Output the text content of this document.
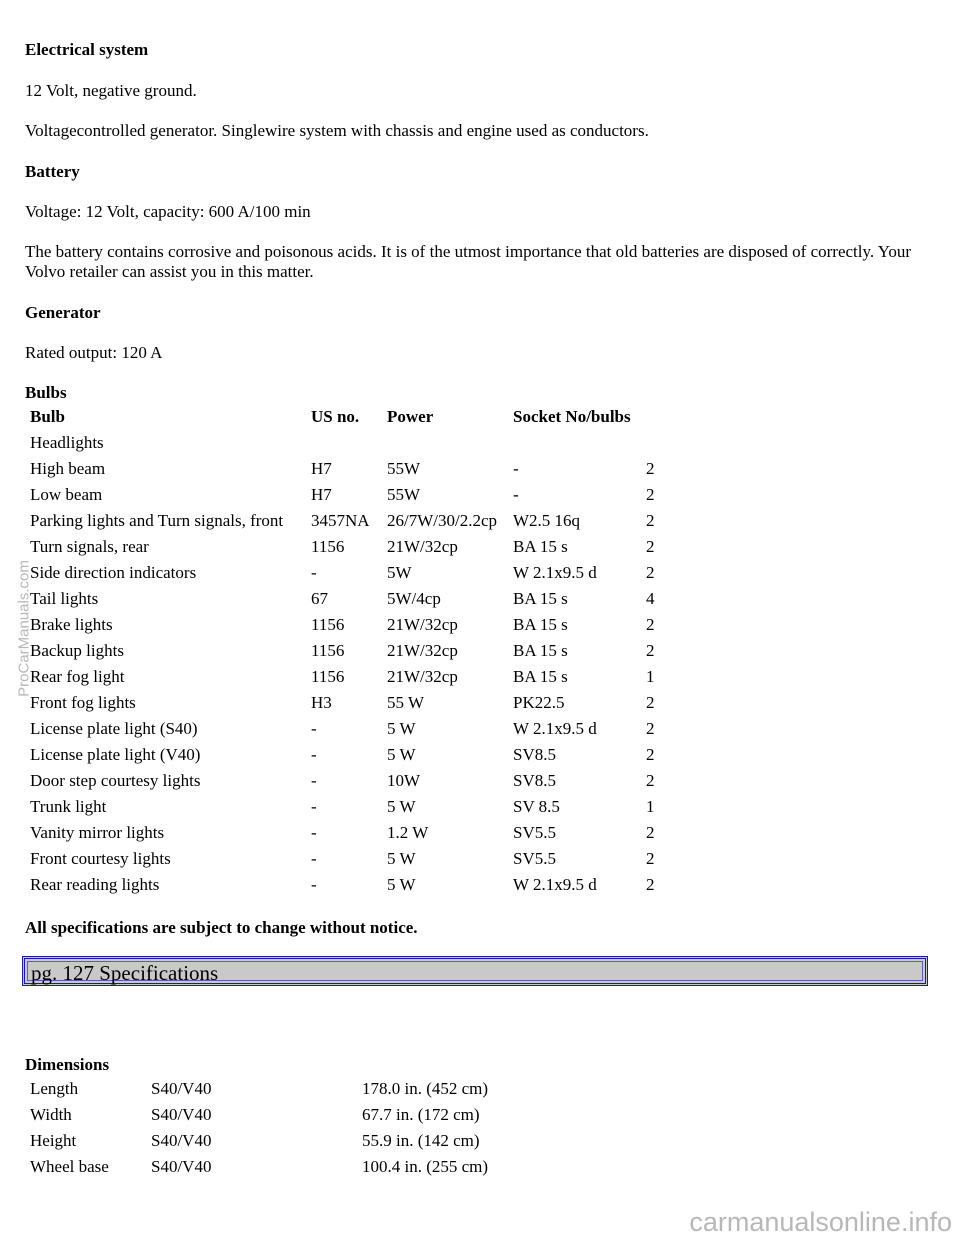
Electrical system

12 Volt, negative ground.

Voltagecontrolled generator. Singlewire system with chassis and engine used as conductors.

Battery

Voltage: 12 Volt, capacity: 600 A/100 min

The battery contains corrosive and poisonous acids. It is of the utmost importance that old batteries are disposed of correctly. Your Volvo retailer can assist you in this matter.

Generator

Rated output: 120 A

Bulbs

Bulb	US no.	Power	Socket No/bulbs	
Headlights				
High beam	H7	55W	-	2
Low beam	H7	55W	-	2
Parking lights and Turn signals, front	3457NA	26/7W/30/2.2cp	W2.5 16q	2
Turn signals, rear	1156	21W/32cp	BA 15 s	2
Side direction indicators	-	5W	W 2.1x9.5 d	2
Tail lights	67	5W/4cp	BA 15 s	4
Brake lights	1156	21W/32cp	BA 15 s	2
Backup lights	1156	21W/32cp	BA 15 s	2
Rear fog light	1156	21W/32cp	BA 15 s	1
Front fog lights	H3	55 W	PK22.5	2
License plate light (S40)	-	5 W	W 2.1x9.5 d	2
License plate light (V40)	-	5 W	SV8.5	2
Door step courtesy lights	-	10W	SV8.5	2
Trunk light	-	5 W	SV 8.5	1
Vanity mirror lights	-	1.2 W	SV5.5	2
Front courtesy lights	-	5 W	SV5.5	2
Rear reading lights	-	5 W	W 2.1x9.5 d	2

All specifications are subject to change without notice.

Dimensions

Length	S40/V40	178.0 in. (452 cm)
Width	S40/V40	67.7 in. (172 cm)
Height	S40/V40	55.9 in. (142 cm)
Wheel base	S40/V40	100.4 in. (255 cm)
pg. 127 Specifications
ProCarManuals.com
carmanualsonline.info
